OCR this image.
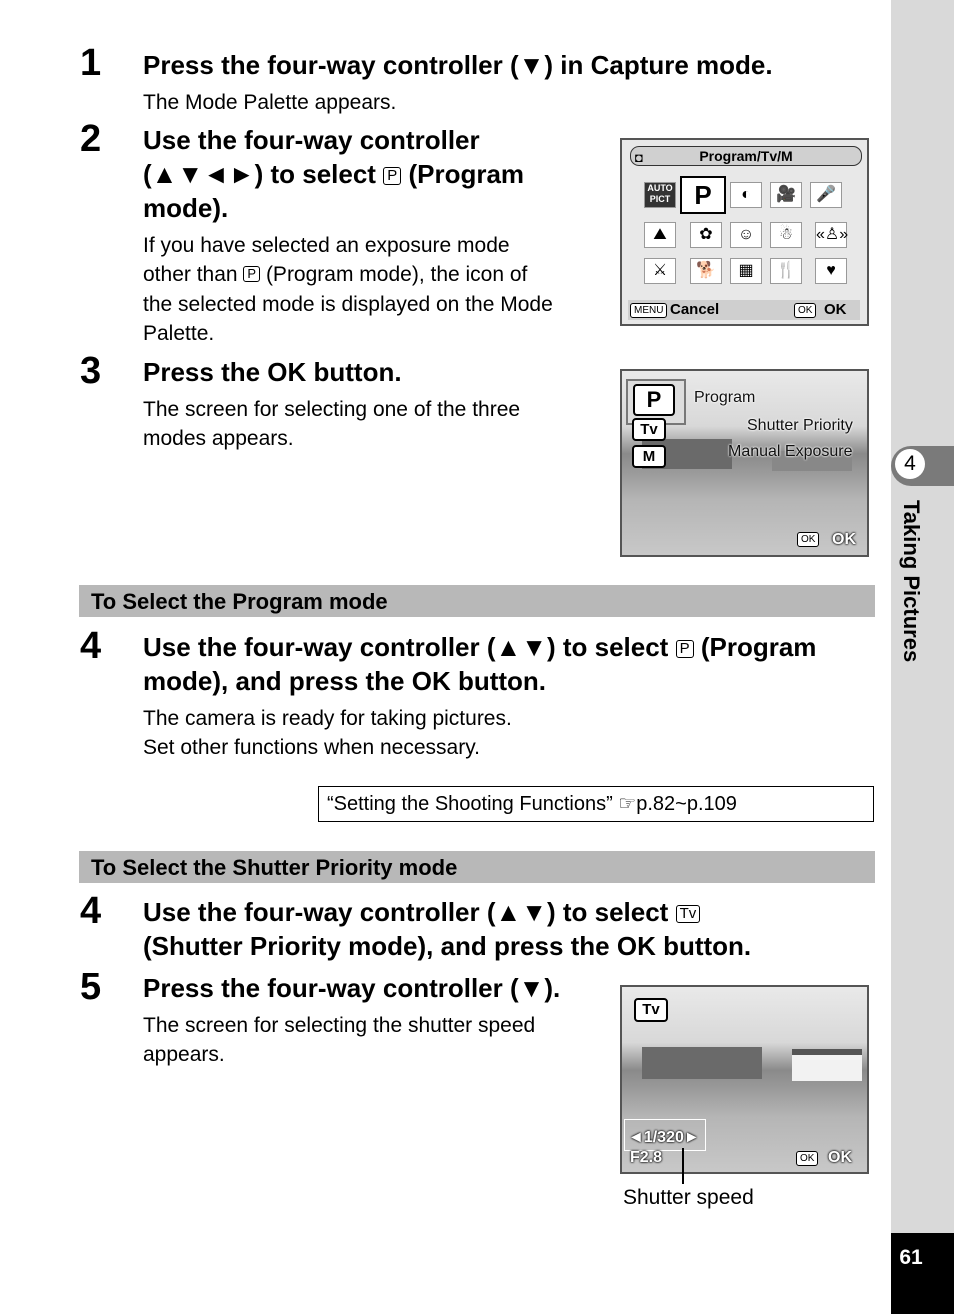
4
Taking Pictures
61
1 Press the four-way controller (▼) in Capture mode.
The Mode Palette appears.
2 Use the four-way controller
(▲▼◄►) to select P (Program
mode).
If you have selected an exposure mode
other than P (Program mode), the icon of
the selected mode is displayed on the Mode
Palette.
◘	Program/Tv/M
AUTO PICT P	◐	🎥	🎤
⛰	✿	☺	☃	«♙»
⚔	🐕	▦	🍴	♥
MENU Cancel	OK OK
3 Press the OK button.
The screen for selecting one of the three
modes appears.
P
Tv
M
Program
Shutter Priority
Manual Exposure
OK OK
To Select the Program mode
4 Use the four-way controller (▲▼) to select P (Program
mode), and press the OK button.
The camera is ready for taking pictures.
Set other functions when necessary.
“Setting the Shooting Functions” ☞p.82~p.109
To Select the Shutter Priority mode
4 Use the four-way controller (▲▼) to select Tv
(Shutter Priority mode), and press the OK button.
5 Press the four-way controller (▼).
The screen for selecting the shutter speed
appears.
Tv
◄1/320►
F2.8	OK OK
Shutter speed
